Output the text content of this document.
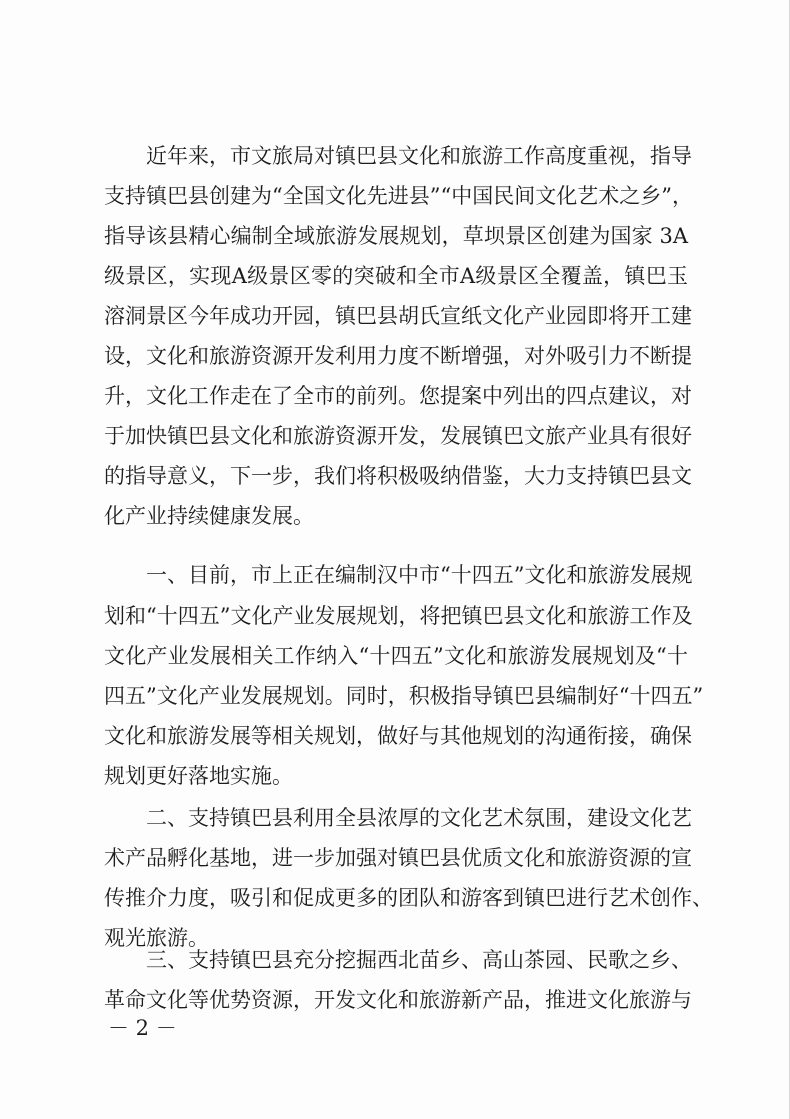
近年来，市文旅局对镇巴县文化和旅游工作高度重视，指导
支持镇巴县创建为“全国文化先进县”“中国民间文化艺术之乡”，
指导该县精心编制全域旅游发展规划，草坝景区创建为国家 3A
级景区，实现A级景区零的突破和全市A级景区全覆盖，镇巴玉
溶洞景区今年成功开园，镇巴县胡氏宣纸文化产业园即将开工建
设，文化和旅游资源开发利用力度不断增强，对外吸引力不断提
升，文化工作走在了全市的前列。您提案中列出的四点建议，对
于加快镇巴县文化和旅游资源开发，发展镇巴文旅产业具有很好
的指导意义，下一步，我们将积极吸纳借鉴，大力支持镇巴县文
化产业持续健康发展。
一、目前，市上正在编制汉中市“十四五”文化和旅游发展规
划和“十四五”文化产业发展规划，将把镇巴县文化和旅游工作及
文化产业发展相关工作纳入“十四五”文化和旅游发展规划及“十
四五”文化产业发展规划。同时，积极指导镇巴县编制好“十四五”
文化和旅游发展等相关规划，做好与其他规划的沟通衔接，确保
规划更好落地实施。
二、支持镇巴县利用全县浓厚的文化艺术氛围，建设文化艺
术产品孵化基地，进一步加强对镇巴县优质文化和旅游资源的宣
传推介力度，吸引和促成更多的团队和游客到镇巴进行艺术创作、
观光旅游。
三、支持镇巴县充分挖掘西北苗乡、高山茶园、民歌之乡、
革命文化等优势资源，开发文化和旅游新产品，推进文化旅游与
－ 2 －
